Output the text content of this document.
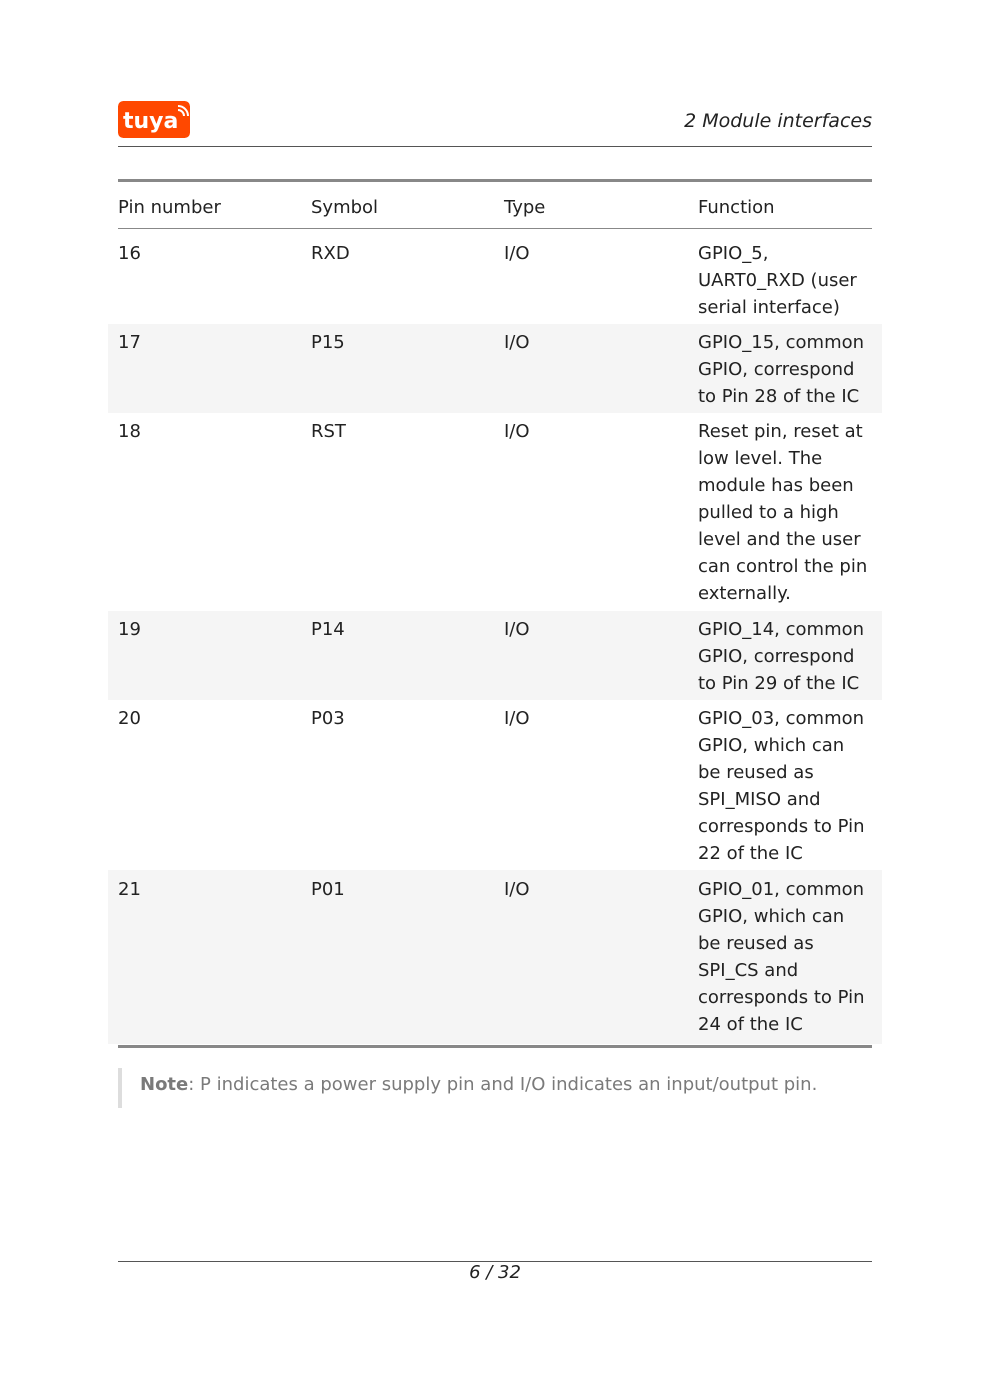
tuya	2 Module interfaces
Pin number	Symbol	Type	Function
16	RXD	I/O	GPIO_5,
UART0_RXD (user
serial interface)
17	P15	I/O	GPIO_15, common
GPIO, correspond
to Pin 28 of the IC
18	RST	I/O	Reset pin, reset at
low level. The
module has been
pulled to a high
level and the user
can control the pin
externally.
19	P14	I/O	GPIO_14, common
GPIO, correspond
to Pin 29 of the IC
20	P03	I/O	GPIO_03, common
GPIO, which can
be reused as
SPI_MISO and
corresponds to Pin
22 of the IC
21	P01	I/O	GPIO_01, common
GPIO, which can
be reused as
SPI_CS and
corresponds to Pin
24 of the IC
Note: P indicates a power supply pin and I/O indicates an input/output pin.
6 / 32
